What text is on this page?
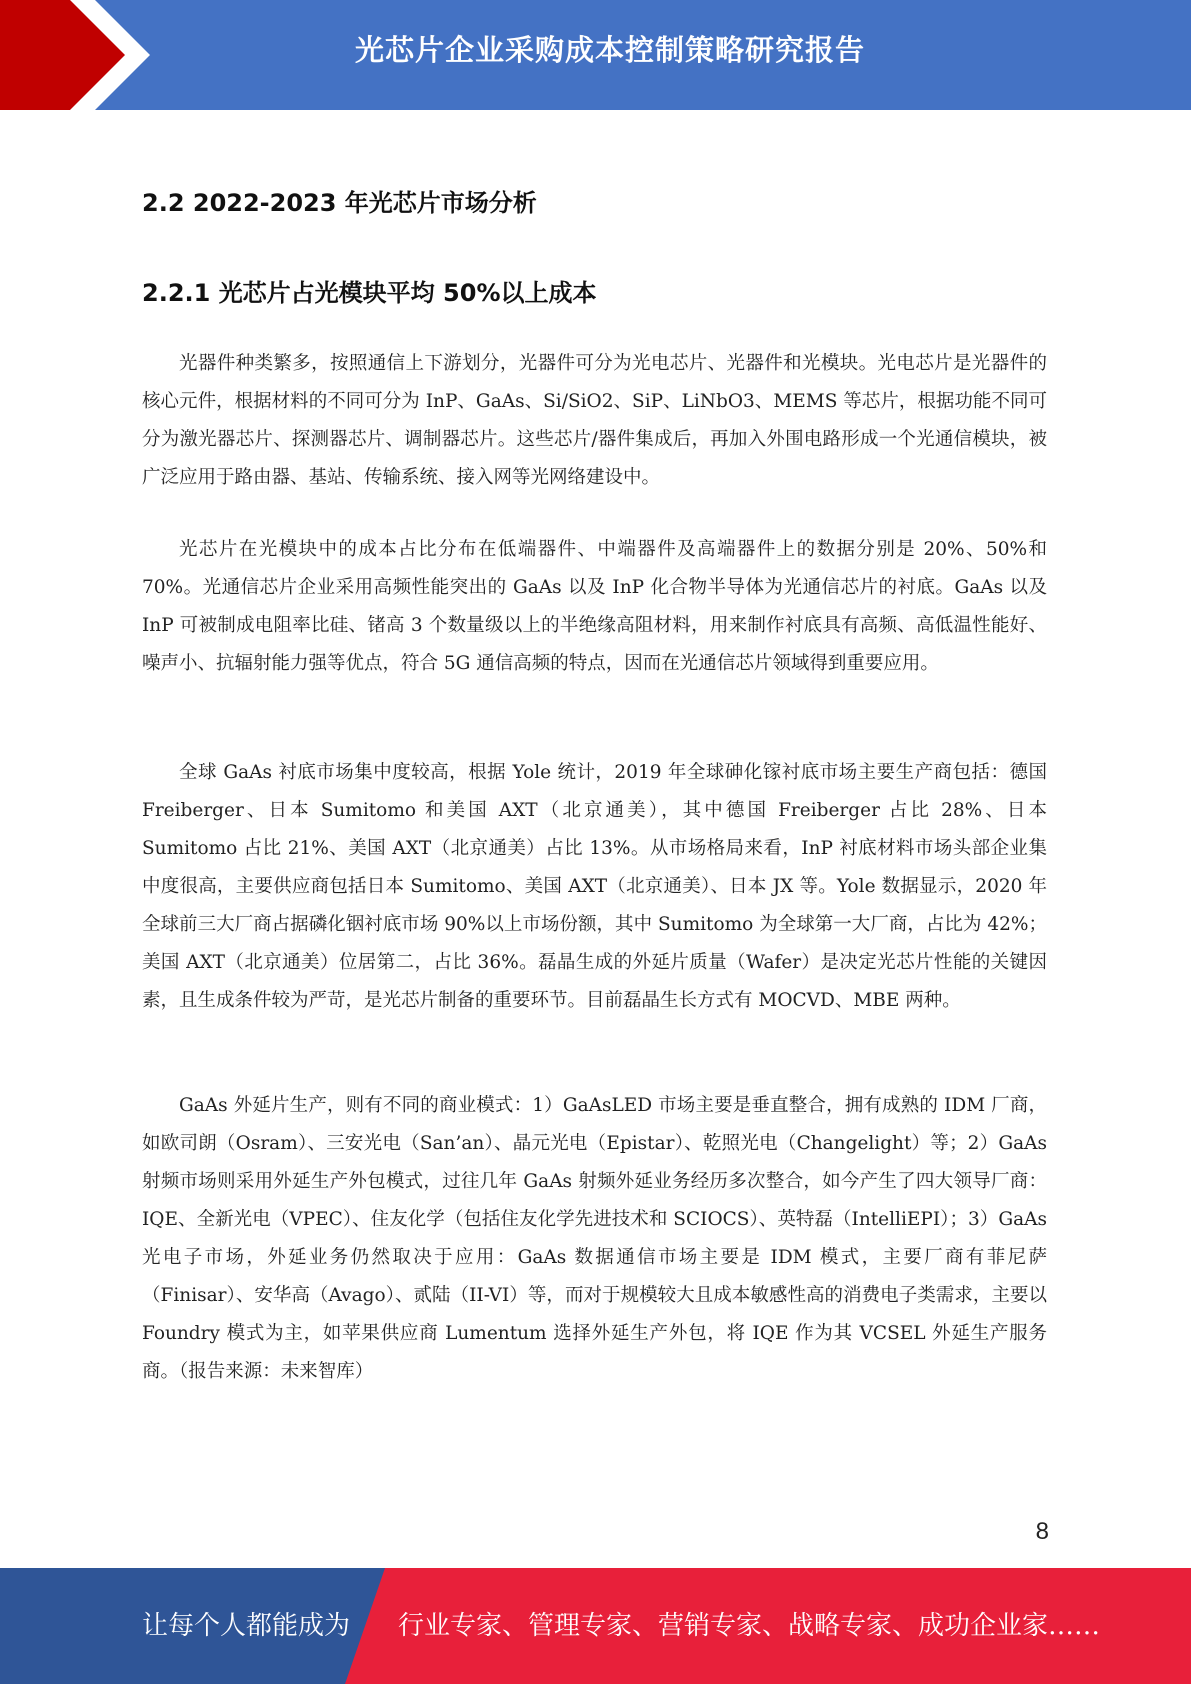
光芯片企业采购成本控制策略研究报告
2.2 2022-2023 年光芯片市场分析
2.2.1 光芯片占光模块平均 50%以上成本

光器件种类繁多，按照通信上下游划分，光器件可分为光电芯片、光器件和光模块。光电芯片是光器件的核心元件，根据材料的不同可分为 InP、GaAs、Si/SiO2、SiP、LiNbO3、MEMS 等芯片，根据功能不同可分为激光器芯片、探测器芯片、调制器芯片。这些芯片/器件集成后，再加入外围电路形成一个光通信模块，被广泛应用于路由器、基站、传输系统、接入网等光网络建设中。

光芯片在光模块中的成本占比分布在低端器件、中端器件及高端器件上的数据分别是 20%、50%和 70%。光通信芯片企业采用高频性能突出的 GaAs 以及 InP 化合物半导体为光通信芯片的衬底。GaAs 以及 InP 可被制成电阻率比硅、锗高 3 个数量级以上的半绝缘高阻材料，用来制作衬底具有高频、高低温性能好、噪声小、抗辐射能力强等优点，符合 5G 通信高频的特点，因而在光通信芯片领域得到重要应用。

全球 GaAs 衬底市场集中度较高，根据 Yole 统计，2019 年全球砷化镓衬底市场主要生产商包括：德国 Freiberger、日本 Sumitomo 和美国 AXT（北京通美），其中德国 Freiberger 占比 28%、日本 Sumitomo 占比 21%、美国 AXT（北京通美）占比 13%。从市场格局来看，InP 衬底材料市场头部企业集中度很高，主要供应商包括日本 Sumitomo、美国 AXT（北京通美）、日本 JX 等。Yole 数据显示，2020 年全球前三大厂商占据磷化铟衬底市场 90%以上市场份额，其中 Sumitomo 为全球第一大厂商，占比为 42%；美国 AXT（北京通美）位居第二，占比 36%。磊晶生成的外延片质量（Wafer）是决定光芯片性能的关键因素，且生成条件较为严苛，是光芯片制备的重要环节。目前磊晶生长方式有 MOCVD、MBE 两种。

GaAs 外延片生产，则有不同的商业模式：1）GaAsLED 市场主要是垂直整合，拥有成熟的 IDM 厂商，如欧司朗（Osram）、三安光电（San’an）、晶元光电（Epistar）、乾照光电（Changelight）等；2）GaAs 射频市场则采用外延生产外包模式，过往几年 GaAs 射频外延业务经历多次整合，如今产生了四大领导厂商：IQE、全新光电（VPEC）、住友化学（包括住友化学先进技术和 SCIOCS）、英特磊（IntelliEPI）；3）GaAs 光电子市场，外延业务仍然取决于应用：GaAs 数据通信市场主要是 IDM 模式，主要厂商有菲尼萨（Finisar）、安华高（Avago）、贰陆（II-VI）等，而对于规模较大且成本敏感性高的消费电子类需求，主要以 Foundry 模式为主，如苹果供应商 Lumentum 选择外延生产外包，将 IQE 作为其 VCSEL 外延生产服务商。（报告来源：未来智库）

8
让每个人都能成为 行业专家、管理专家、营销专家、战略专家、成功企业家……
